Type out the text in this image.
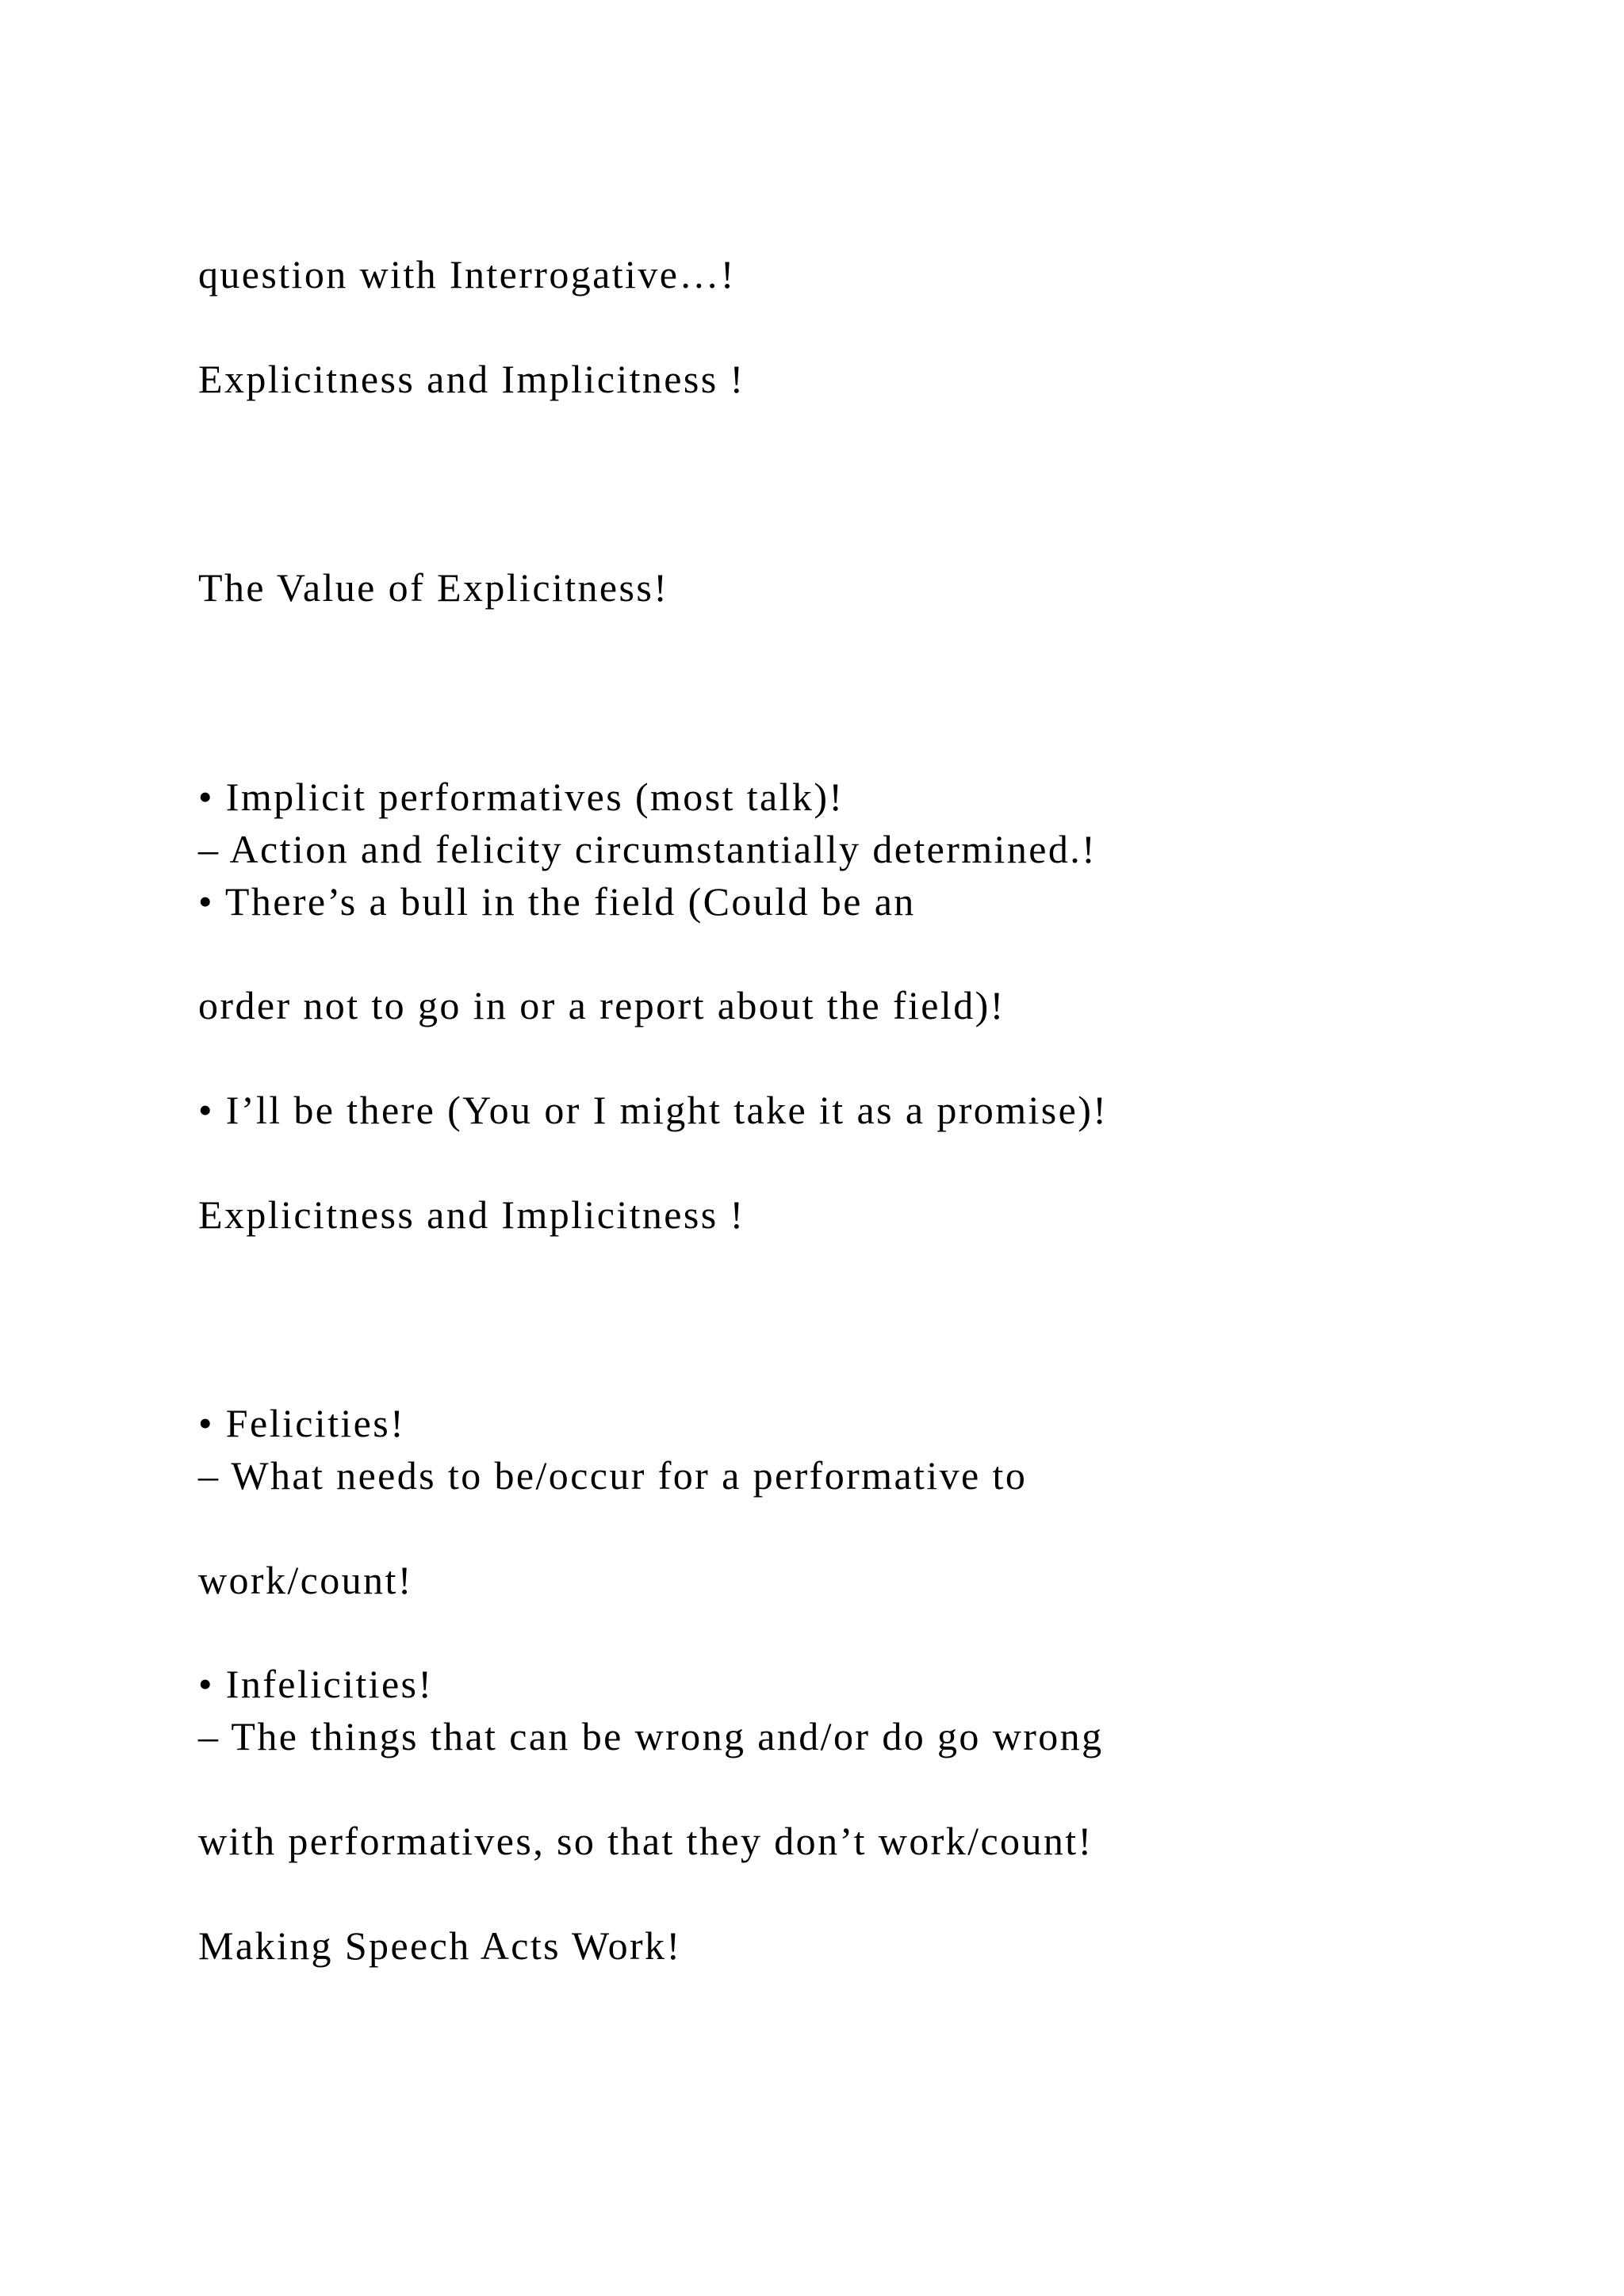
question with Interrogative…!

Explicitness and Implicitness !

The Value of Explicitness!

• Implicit performatives (most talk)!

– Action and felicity circumstantially determined.!

• There’s a bull in the field (Could be an

order not to go in or a report about the field)!

• I’ll be there (You or I might take it as a promise)!

Explicitness and Implicitness !

• Felicities!

– What needs to be/occur for a performative to

work/count!

• Infelicities!

– The things that can be wrong and/or do go wrong

with performatives, so that they don’t work/count!

Making Speech Acts Work!
